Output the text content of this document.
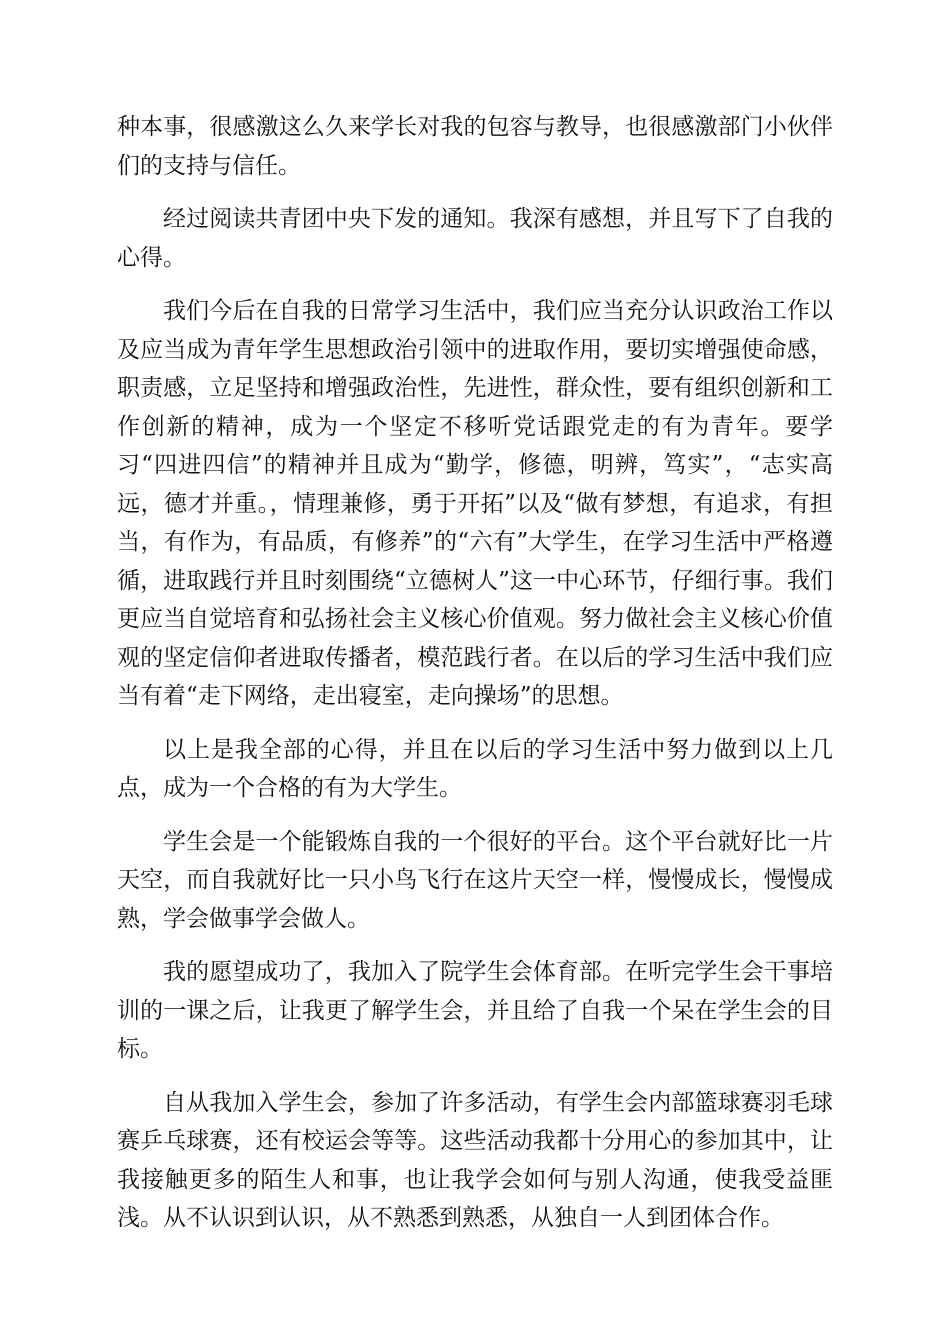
种本事，很感激这么久来学长对我的包容与教导，也很感激部门小伙伴们的支持与信任。

经过阅读共青团中央下发的通知。我深有感想，并且写下了自我的心得。

我们今后在自我的日常学习生活中，我们应当充分认识政治工作以及应当成为青年学生思想政治引领中的进取作用，要切实增强使命感，职责感，立足坚持和增强政治性，先进性，群众性，要有组织创新和工作创新的精神，成为一个坚定不移听党话跟党走的有为青年。要学习“四进四信”的精神并且成为“勤学，修德，明辨，笃实”，“志实高远，德才并重。，情理兼修，勇于开拓”以及“做有梦想，有追求，有担当，有作为，有品质，有修养”的“六有”大学生，在学习生活中严格遵循，进取践行并且时刻围绕“立德树人”这一中心环节，仔细行事。我们更应当自觉培育和弘扬社会主义核心价值观。努力做社会主义核心价值观的坚定信仰者进取传播者，模范践行者。在以后的学习生活中我们应当有着“走下网络，走出寝室，走向操场”的思想。

以上是我全部的心得，并且在以后的学习生活中努力做到以上几点，成为一个合格的有为大学生。

学生会是一个能锻炼自我的一个很好的平台。这个平台就好比一片天空，而自我就好比一只小鸟飞行在这片天空一样，慢慢成长，慢慢成熟，学会做事学会做人。

我的愿望成功了，我加入了院学生会体育部。在听完学生会干事培训的一课之后，让我更了解学生会，并且给了自我一个呆在学生会的目标。

自从我加入学生会，参加了许多活动，有学生会内部篮球赛羽毛球赛乒乓球赛，还有校运会等等。这些活动我都十分用心的参加其中，让我接触更多的陌生人和事，也让我学会如何与别人沟通，使我受益匪浅。从不认识到认识，从不熟悉到熟悉，从独自一人到团体合作。
